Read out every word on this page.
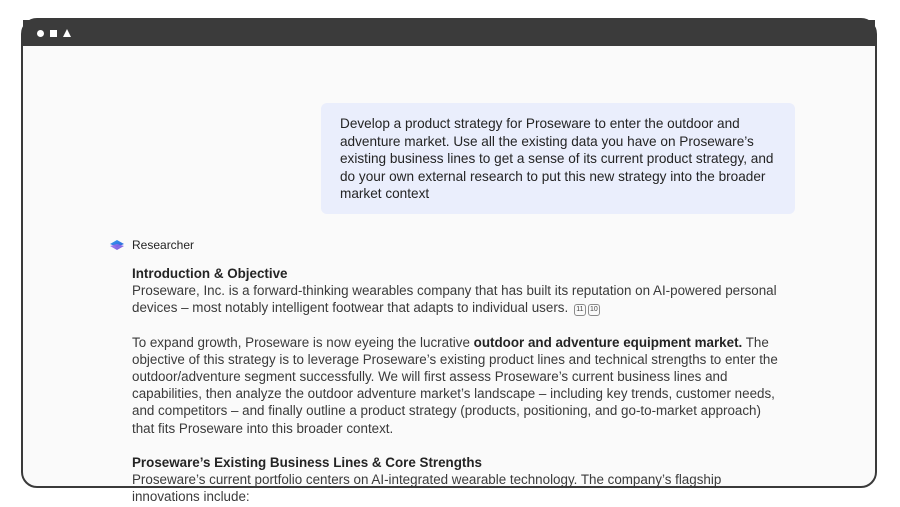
Develop a product strategy for Proseware to enter the outdoor and adventure market. Use all the existing data you have on Proseware’s existing business lines to get a sense of its current product strategy, and do your own external research to put this new strategy into the broader market context
Researcher
Introduction & Objective

Proseware, Inc. is a forward-thinking wearables company that has built its reputation on AI-powered personal devices – most notably intelligent footwear that adapts to individual users. 11 10

To expand growth, Proseware is now eyeing the lucrative outdoor and adventure equipment market. The objective of this strategy is to leverage Proseware’s existing product lines and technical strengths to enter the outdoor/adventure segment successfully. We will first assess Proseware’s current business lines and capabilities, then analyze the outdoor adventure market’s landscape – including key trends, customer needs, and competitors – and finally outline a product strategy (products, positioning, and go-to-market approach) that fits Proseware into this broader context.

Proseware’s Existing Business Lines & Core Strengths

Proseware’s current portfolio centers on AI-integrated wearable technology. The company’s flagship innovations include:
